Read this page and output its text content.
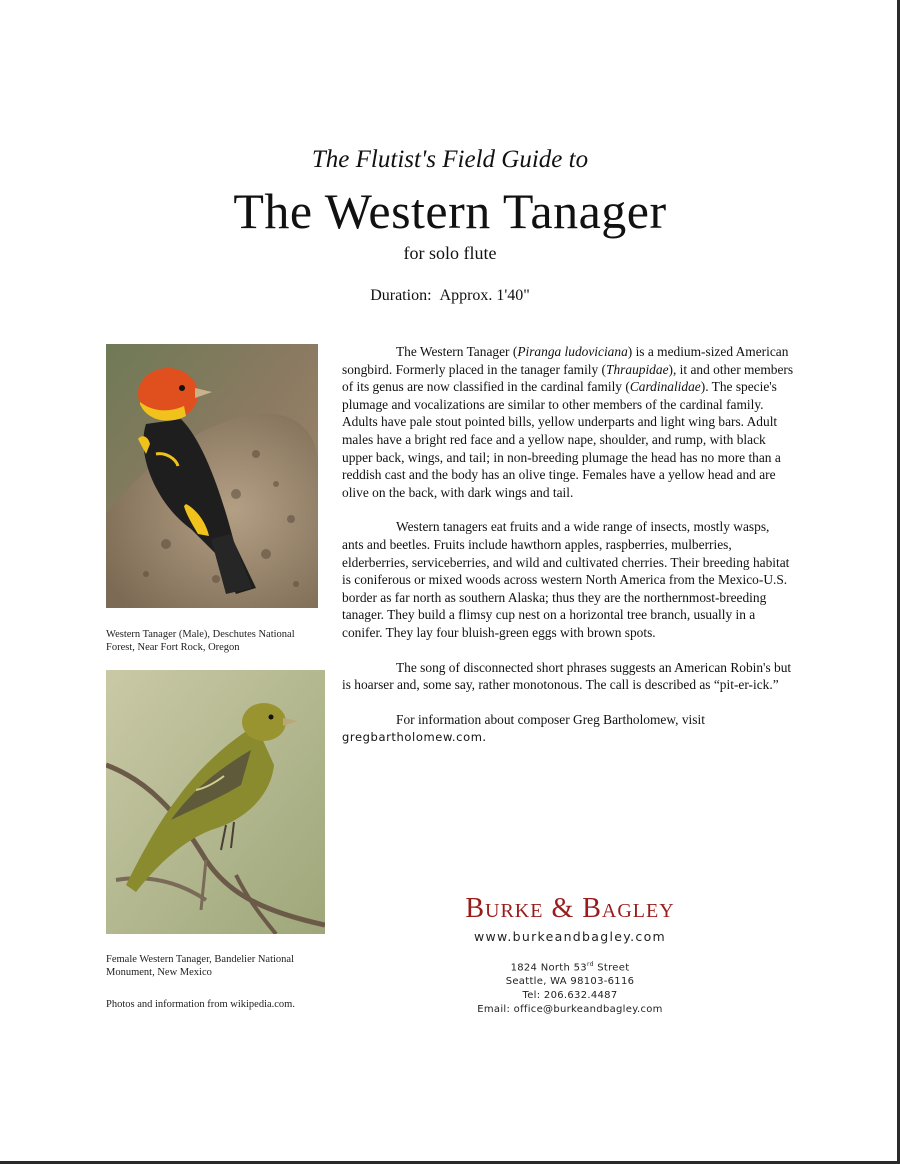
The Flutist's Field Guide to
The Western Tanager
for solo flute
Duration: Approx. 1'40"
Western Tanager (Male), Deschutes National
Forest, Near Fort Rock, Oregon
Female Western Tanager, Bandelier National
Monument, New Mexico
Photos and information from wikipedia.com.

The Western Tanager (Piranga ludoviciana) is a medium-sized American songbird. Formerly placed in the tanager family (Thraupidae), it and other members of its genus are now classified in the cardinal family (Cardinalidae). The specie's plumage and vocalizations are similar to other members of the cardinal family. Adults have pale stout pointed bills, yellow underparts and light wing bars. Adult males have a bright red face and a yellow nape, shoulder, and rump, with black upper back, wings, and tail; in non-breeding plumage the head has no more than a reddish cast and the body has an olive tinge. Females have a yellow head and are olive on the back, with dark wings and tail.

Western tanagers eat fruits and a wide range of insects, mostly wasps, ants and beetles. Fruits include hawthorn apples, raspberries, mulberries, elderberries, serviceberries, and wild and cultivated cherries. Their breeding habitat is coniferous or mixed woods across western North America from the Mexico-U.S. border as far north as southern Alaska; thus they are the northernmost-breeding tanager. They build a flimsy cup nest on a horizontal tree branch, usually in a conifer. They lay four bluish-green eggs with brown spots.

The song of disconnected short phrases suggests an American Robin's but is hoarser and, some say, rather monotonous. The call is described as “pit-er-ick.”

For information about composer Greg Bartholomew, visit gregbartholomew.com.

Burke & Bagley
www.burkeandbagley.com
1824 North 53rd Street
Seattle, WA 98103-6116
Tel: 206.632.4487
Email: office@burkeandbagley.com
